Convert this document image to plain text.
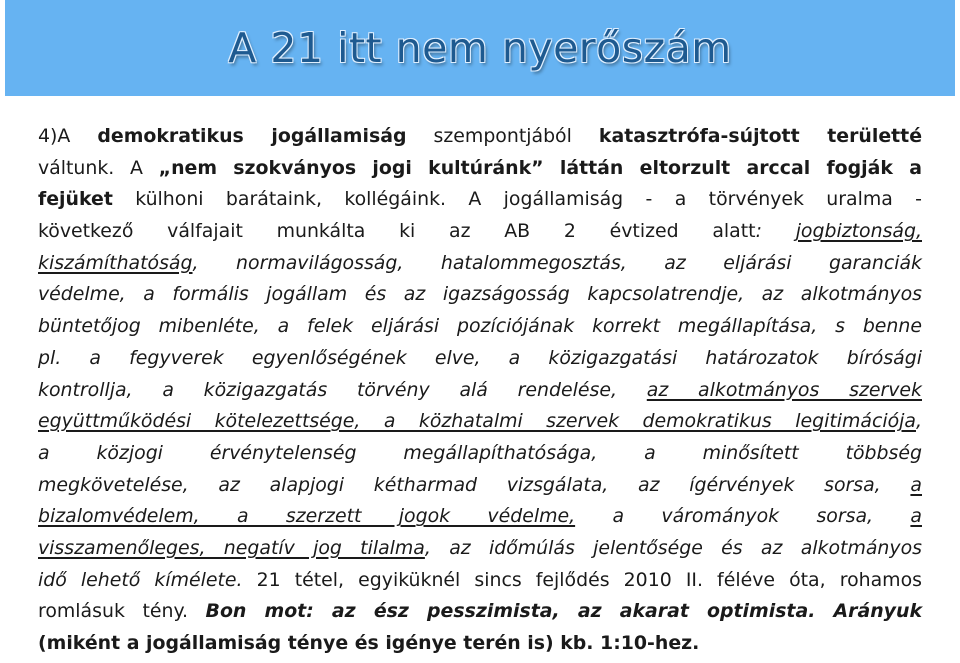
A 21 itt nem nyerőszám
4)A demokratikus jogállamiság szempontjából katasztrófa-sújtott területté
váltunk. A „nem szokványos jogi kultúránk” láttán eltorzult arccal fogják a
fejüket külhoni barátaink, kollégáink. A jogállamiság - a törvények uralma -
következő válfajait munkálta ki az AB 2 évtized alatt: jogbiztonság,
kiszámíthatóság, normavilágosság, hatalommegosztás, az eljárási garanciák
védelme, a formális jogállam és az igazságosság kapcsolatrendje, az alkotmányos
büntetőjog mibenléte, a felek eljárási pozíciójának korrekt megállapítása, s benne
pl. a fegyverek egyenlőségének elve, a közigazgatási határozatok bírósági
kontrollja, a közigazgatás törvény alá rendelése, az alkotmányos szervek
együttműködési kötelezettsége, a közhatalmi szervek demokratikus legitimációja,
a közjogi érvénytelenség megállapíthatósága, a minősített többség
megkövetelése, az alapjogi kétharmad vizsgálata, az ígérvények sorsa, a
bizalomvédelem, a szerzett jogok védelme, a várományok sorsa, a
visszamenőleges, negatív jog tilalma, az időmúlás jelentősége és az alkotmányos
idő lehető kímélete. 21 tétel, egyiküknél sincs fejlődés 2010 II. féléve óta, rohamos
romlásuk tény. Bon mot: az ész pesszimista, az akarat optimista. Arányuk
(miként a jogállamiság ténye és igénye terén is) kb. 1:10-hez.
